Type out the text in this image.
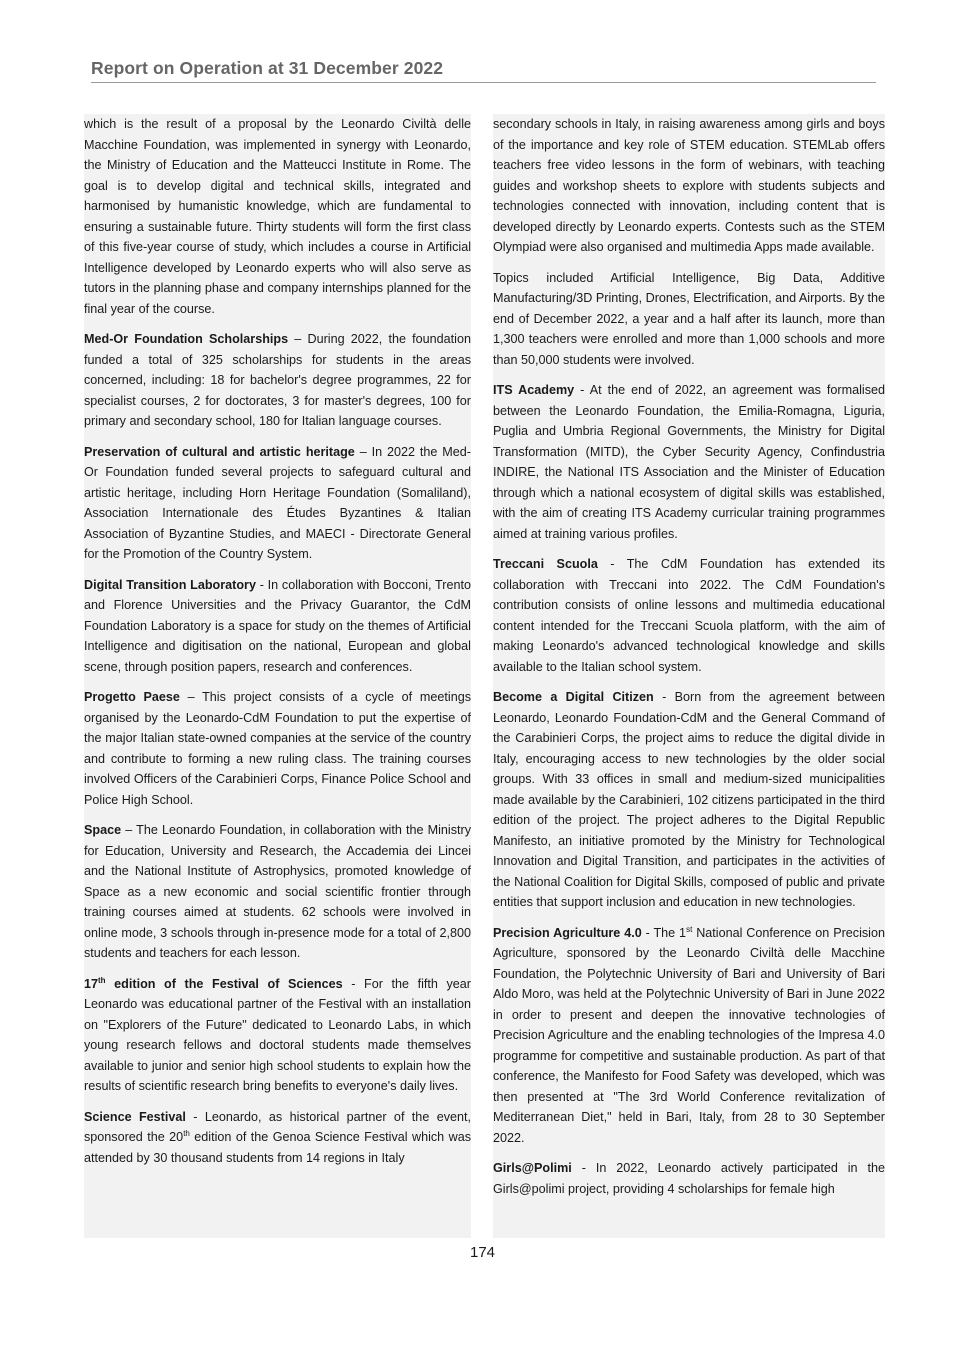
Report on Operation at 31 December 2022

which is the result of a proposal by the Leonardo Civiltà delle Macchine Foundation, was implemented in synergy with Leonardo, the Ministry of Education and the Matteucci Institute in Rome. The goal is to develop digital and technical skills, integrated and harmonised by humanistic knowledge, which are fundamental to ensuring a sustainable future. Thirty students will form the first class of this five-year course of study, which includes a course in Artificial Intelligence developed by Leonardo experts who will also serve as tutors in the planning phase and company internships planned for the final year of the course.

Med-Or Foundation Scholarships – During 2022, the foundation funded a total of 325 scholarships for students in the areas concerned, including: 18 for bachelor's degree programmes, 22 for specialist courses, 2 for doctorates, 3 for master's degrees, 100 for primary and secondary school, 180 for Italian language courses.

Preservation of cultural and artistic heritage – In 2022 the Med-Or Foundation funded several projects to safeguard cultural and artistic heritage, including Horn Heritage Foundation (Somaliland), Association Internationale des Études Byzantines & Italian Association of Byzantine Studies, and MAECI - Directorate General for the Promotion of the Country System.

Digital Transition Laboratory - In collaboration with Bocconi, Trento and Florence Universities and the Privacy Guarantor, the CdM Foundation Laboratory is a space for study on the themes of Artificial Intelligence and digitisation on the national, European and global scene, through position papers, research and conferences.

Progetto Paese – This project consists of a cycle of meetings organised by the Leonardo-CdM Foundation to put the expertise of the major Italian state-owned companies at the service of the country and contribute to forming a new ruling class. The training courses involved Officers of the Carabinieri Corps, Finance Police School and Police High School.

Space – The Leonardo Foundation, in collaboration with the Ministry for Education, University and Research, the Accademia dei Lincei and the National Institute of Astrophysics, promoted knowledge of Space as a new economic and social scientific frontier through training courses aimed at students. 62 schools were involved in online mode, 3 schools through in-presence mode for a total of 2,800 students and teachers for each lesson.

17th edition of the Festival of Sciences - For the fifth year Leonardo was educational partner of the Festival with an installation on "Explorers of the Future" dedicated to Leonardo Labs, in which young research fellows and doctoral students made themselves available to junior and senior high school students to explain how the results of scientific research bring benefits to everyone's daily lives.

Science Festival - Leonardo, as historical partner of the event, sponsored the 20th edition of the Genoa Science Festival which was attended by 30 thousand students from 14 regions in Italy

secondary schools in Italy, in raising awareness among girls and boys of the importance and key role of STEM education. STEMLab offers teachers free video lessons in the form of webinars, with teaching guides and workshop sheets to explore with students subjects and technologies connected with innovation, including content that is developed directly by Leonardo experts. Contests such as the STEM Olympiad were also organised and multimedia Apps made available.

Topics included Artificial Intelligence, Big Data, Additive Manufacturing/3D Printing, Drones, Electrification, and Airports. By the end of December 2022, a year and a half after its launch, more than 1,300 teachers were enrolled and more than 1,000 schools and more than 50,000 students were involved.

ITS Academy - At the end of 2022, an agreement was formalised between the Leonardo Foundation, the Emilia-Romagna, Liguria, Puglia and Umbria Regional Governments, the Ministry for Digital Transformation (MITD), the Cyber Security Agency, Confindustria INDIRE, the National ITS Association and the Minister of Education through which a national ecosystem of digital skills was established, with the aim of creating ITS Academy curricular training programmes aimed at training various profiles.

Treccani Scuola - The CdM Foundation has extended its collaboration with Treccani into 2022. The CdM Foundation's contribution consists of online lessons and multimedia educational content intended for the Treccani Scuola platform, with the aim of making Leonardo's advanced technological knowledge and skills available to the Italian school system.

Become a Digital Citizen - Born from the agreement between Leonardo, Leonardo Foundation-CdM and the General Command of the Carabinieri Corps, the project aims to reduce the digital divide in Italy, encouraging access to new technologies by the older social groups. With 33 offices in small and medium-sized municipalities made available by the Carabinieri, 102 citizens participated in the third edition of the project. The project adheres to the Digital Republic Manifesto, an initiative promoted by the Ministry for Technological Innovation and Digital Transition, and participates in the activities of the National Coalition for Digital Skills, composed of public and private entities that support inclusion and education in new technologies.

Precision Agriculture 4.0 - The 1st National Conference on Precision Agriculture, sponsored by the Leonardo Civiltà delle Macchine Foundation, the Polytechnic University of Bari and University of Bari Aldo Moro, was held at the Polytechnic University of Bari in June 2022 in order to present and deepen the innovative technologies of Precision Agriculture and the enabling technologies of the Impresa 4.0 programme for competitive and sustainable production. As part of that conference, the Manifesto for Food Safety was developed, which was then presented at "The 3rd World Conference revitalization of Mediterranean Diet," held in Bari, Italy, from 28 to 30 September 2022.

Girls@Polimi - In 2022, Leonardo actively participated in the Girls@polimi project, providing 4 scholarships for female high

174
